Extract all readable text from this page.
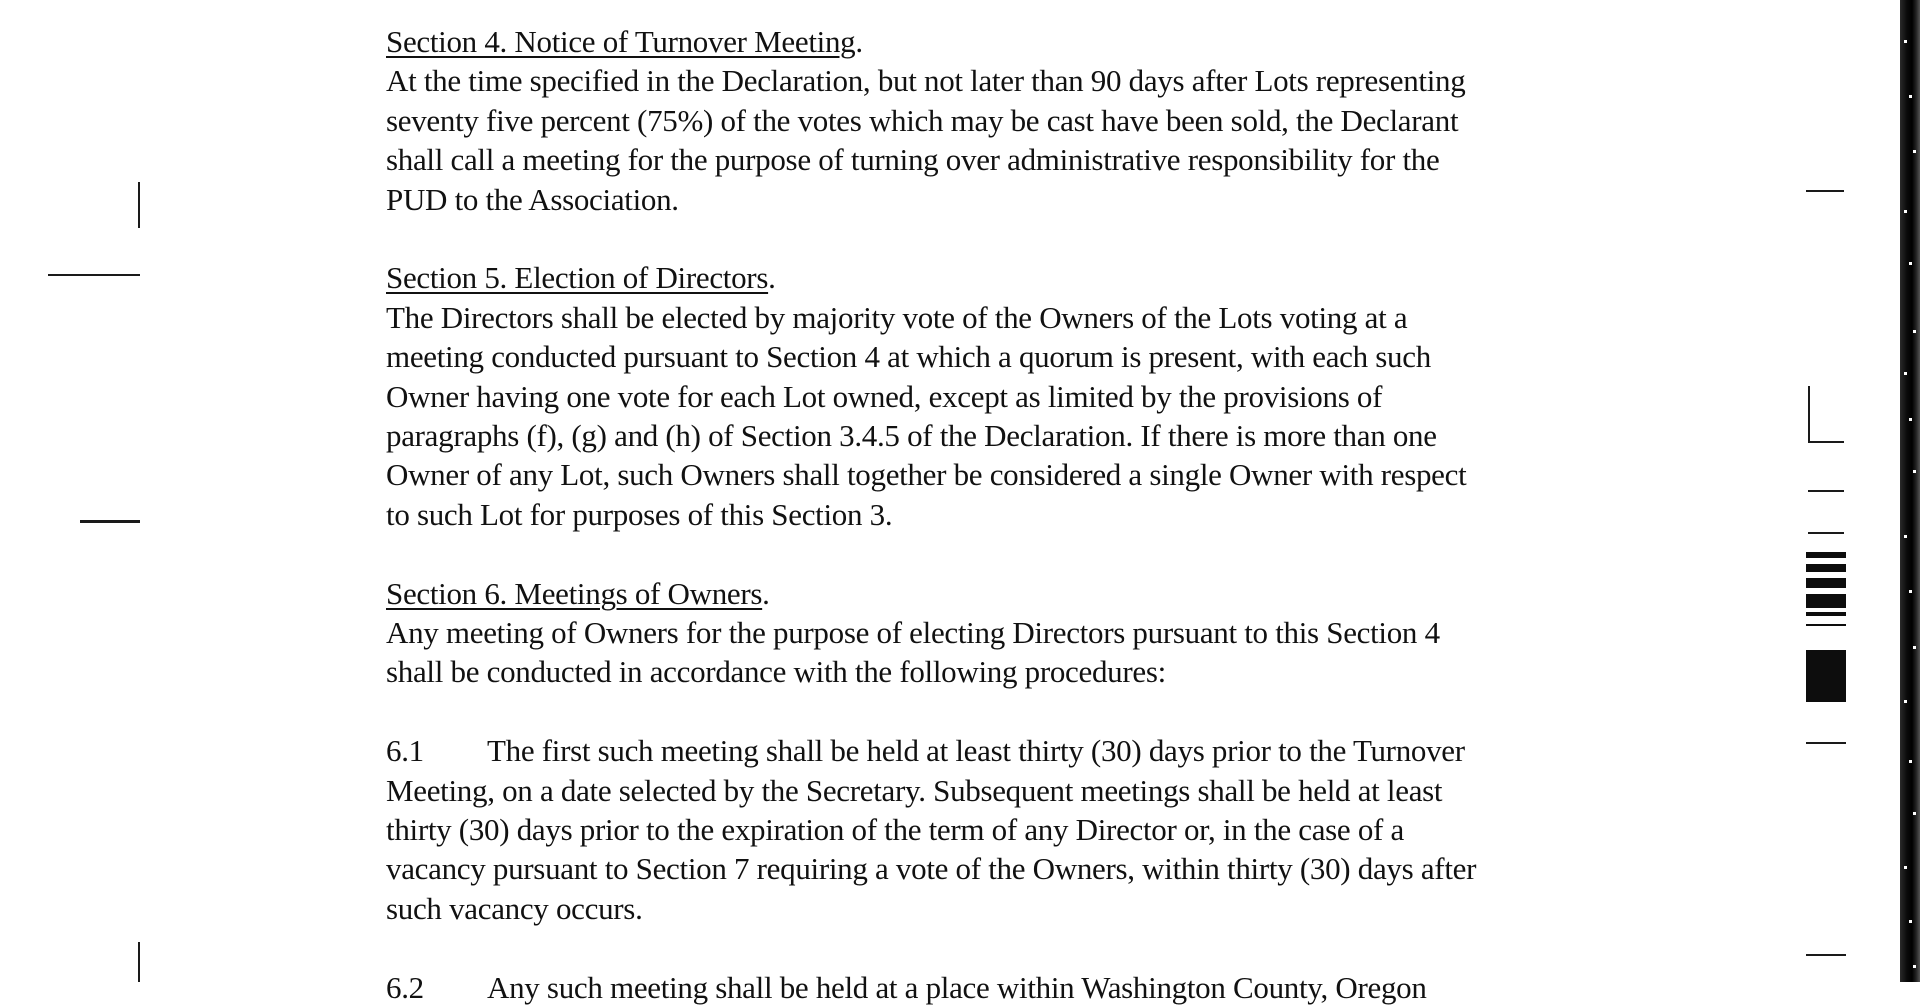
Section 4. Notice of Turnover Meeting.
At the time specified in the Declaration, but not later than 90 days after Lots representing
seventy five percent (75%) of the votes which may be cast have been sold, the Declarant
shall call a meeting for the purpose of turning over administrative responsibility for the
PUD to the Association.
Section 5. Election of Directors.
The Directors shall be elected by majority vote of the Owners of the Lots voting at a
meeting conducted pursuant to Section 4 at which a quorum is present, with each such
Owner having one vote for each Lot owned, except as limited by the provisions of
paragraphs (f), (g) and (h) of Section 3.4.5 of the Declaration. If there is more than one
Owner of any Lot, such Owners shall together be considered a single Owner with respect
to such Lot for purposes of this Section 3.
Section 6. Meetings of Owners.
Any meeting of Owners for the purpose of electing Directors pursuant to this Section 4
shall be conducted in accordance with the following procedures:
6.1 The first such meeting shall be held at least thirty (30) days prior to the Turnover
Meeting, on a date selected by the Secretary. Subsequent meetings shall be held at least
thirty (30) days prior to the expiration of the term of any Director or, in the case of a
vacancy pursuant to Section 7 requiring a vote of the Owners, within thirty (30) days after
such vacancy occurs.
6.2 Any such meeting shall be held at a place within Washington County, Oregon
